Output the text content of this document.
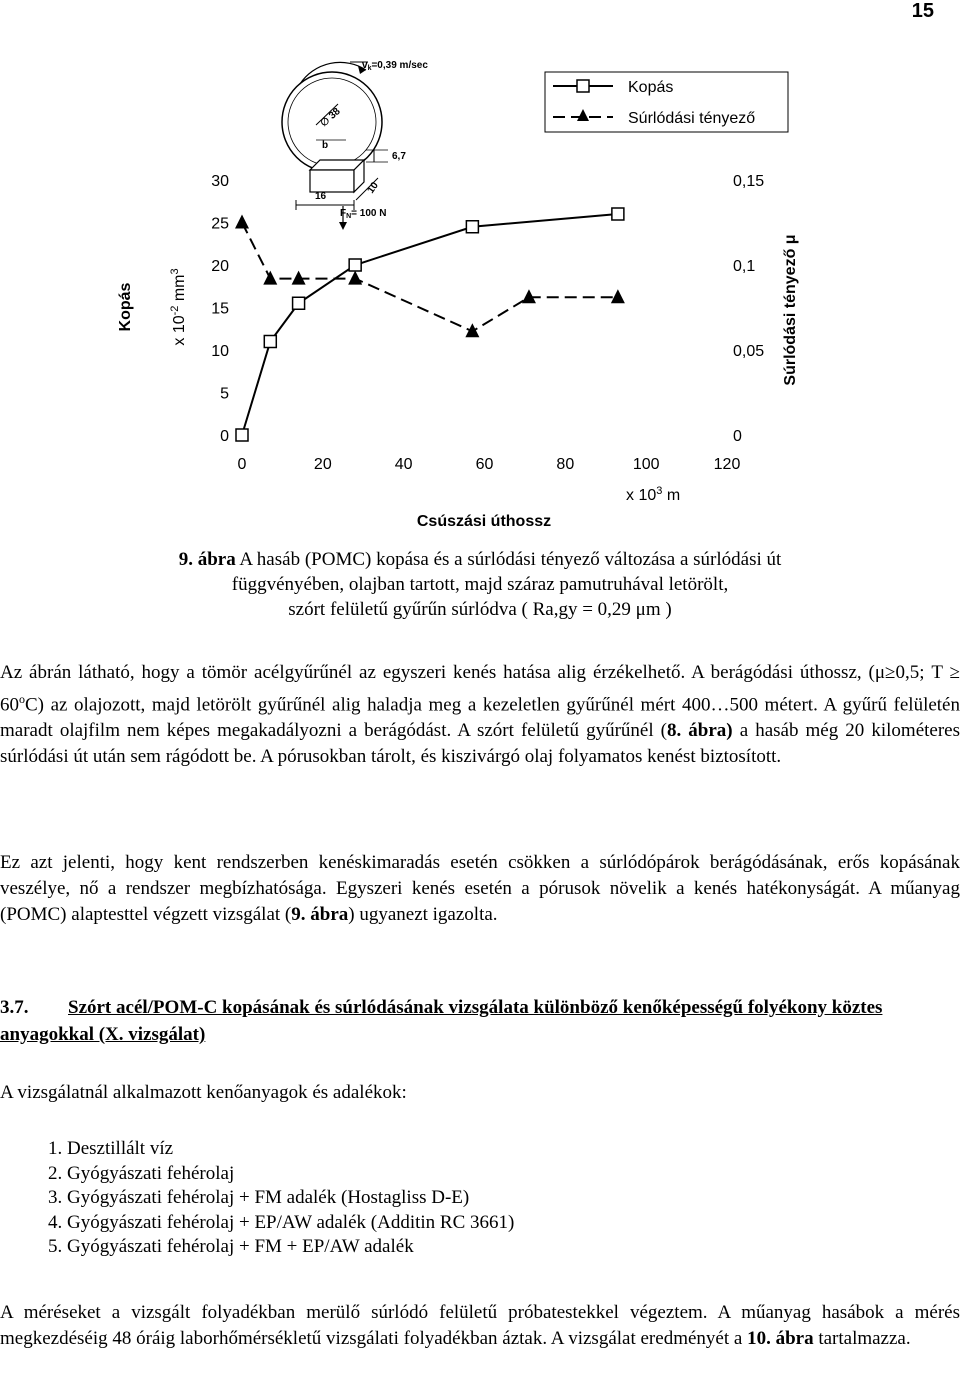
15
$v_k=0,39$ m/sec
∅ 38
b
6,7
16
10
$F_N= 100$ N
Kopás
Súrlódási tényező
Kopás x $10^{-2}$ $mm^3$	Súrlódási tényező μ
Csúszási úthossz
x $10^3$ m
0
5
10
15
20
25
30
0
0,05
0,1
0,15
0	20	40	60	80	100	120
9. ábra A hasáb (POMC) kopása és a súrlódási tényező változása a súrlódási út
függvényében, olajban tartott, majd száraz pamutruhával letörölt,
szórt felületű gyűrűn súrlódva ( Ra,gy = 0,29 μm )
Az ábrán látható, hogy a tömör acélgyűrűnél az egyszeri kenés hatása alig érzékelhető. A berágódási úthossz, (μ≥0,5; $T \ge 60^oC$) az olajozott, majd letörölt gyűrűnél alig haladja meg a kezeletlen gyűrűnél mért 400…500 métert. A gyűrű felületén maradt olajfilm nem képes megakadályozni a berágódást. A szórt felületű gyűrűnél (8. ábra) a hasáb még 20 kilométeres súrlódási út után sem rágódott be. A pórusokban tárolt, és kiszivárgó olaj folyamatos kenést biztosított.
Ez azt jelenti, hogy kent rendszerben kenéskimaradás esetén csökken a súrlódópárok berágódásának, erős kopásának veszélye, nő a rendszer megbízhatósága. Egyszeri kenés esetén a pórusok növelik a kenés hatékonyságát. A műanyag (POMC) alaptesttel végzett vizsgálat (9. ábra) ugyanezt igazolta.
3.7. Szórt acél/POM-C kopásának és súrlódásának vizsgálata különböző kenőképességű folyékony köztes anyagokkal (X. vizsgálat)
A vizsgálatnál alkalmazott kenőanyagok és adalékok:
1. Desztillált víz
2. Gyógyászati fehérolaj
3. Gyógyászati fehérolaj + FM adalék (Hostagliss D-E)
4. Gyógyászati fehérolaj + EP/AW adalék (Additin RC 3661)
5. Gyógyászati fehérolaj + FM + EP/AW adalék
A méréseket a vizsgált folyadékban merülő súrlódó felületű próbatestekkel végeztem. A műanyag hasábok a mérés megkezdéséig 48 óráig laborhőmérsékletű vizsgálati folyadékban áztak. A vizsgálat eredményét a 10. ábra tartalmazza.
